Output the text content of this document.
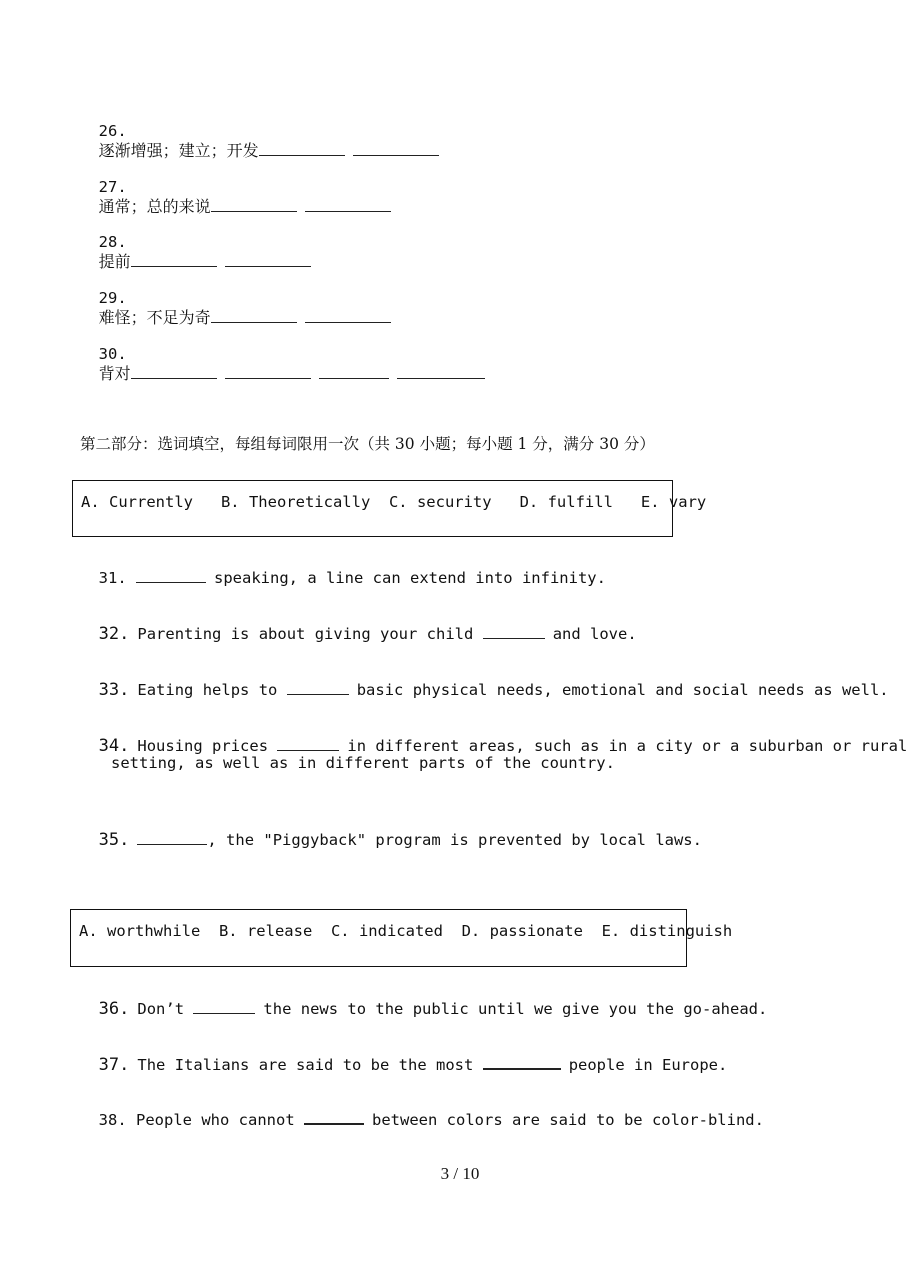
26.
逐渐增强；建立；开发

27.
通常；总的来说

28.
提前

29.
难怪；不足为奇

30.
背对

第二部分：选词填空，每组每词限用一次（共 30 小题；每小题 1 分，满分 30 分）
A. Currently   B. Theoretically  C. security   D. fulfill   E. vary

31.	speaking, a line can extend into infinity.

32. Parenting is about giving your child	and love.

33. Eating helps to	basic physical needs, emotional and social needs as well.

34. Housing prices	in different areas, such as in a city or a suburban or rural

setting, as well as in different parts of the country.

35.	, the "Piggyback" program is prevented by local laws.

A. worthwhile  B. release  C. indicated  D. passionate  E. distinguish

36. Don’t	the news to the public until we give you the go-ahead.

37. The Italians are said to be the most	people in Europe.

38. People who cannot	between colors are said to be color-blind.

3 / 10
